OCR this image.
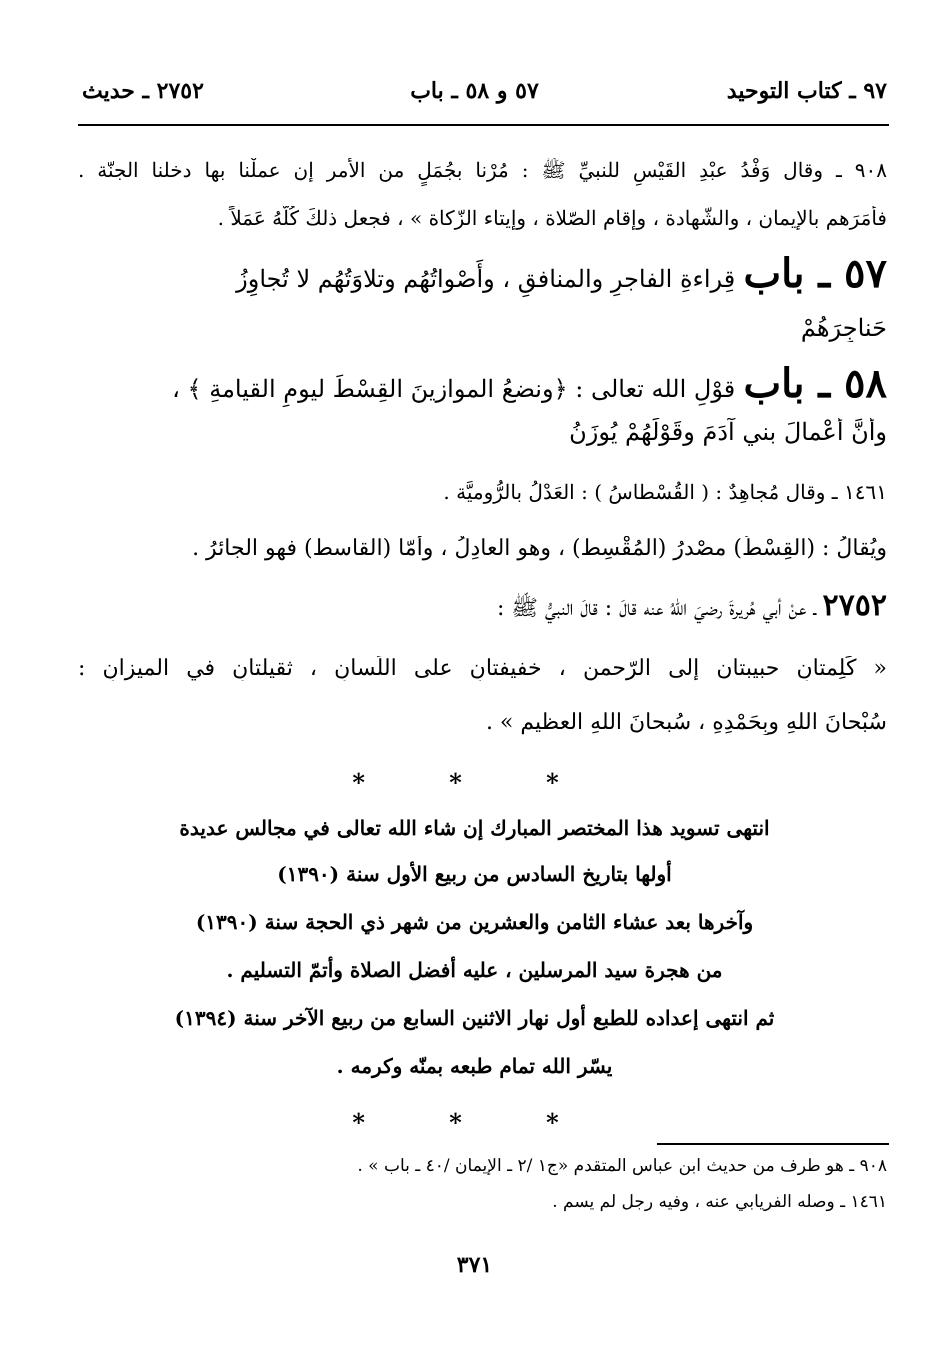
٩٧ ـ كتاب التوحيد
٥٧ و ٥٨ ـ باب
٢٧٥٢ ـ حديث
٩٠٨ ـ وقال وَفْدُ عبْدِ القَيْسِ للنبيِّ ﷺ : مُرْنا بجُمَلٍ من الأمر إن عملْنا بها دخلنا الجنّة .
فأمَرَهم بالإيمان ، والشّهادة ، وإقام الصّلاة ، وإيتاء الزّكاة » ، فجعل ذلكَ كُلّهُ عَمَلاً .
٥٧ ـ باب قِراءةِ الفاجرِ والمنافقِ ، وأَصْواتُهُم وتلاوَتُهُم لا تُجاوِزُ
حَناجِرَهُمْ
٥٨ ـ باب قوْلِ الله تعالى : ﴿ونضعُ الموازينَ القِسْطَ ليومِ القيامةِ ﴾ ،
وأنَّ أعْمالَ بني آدَمَ وقَوْلَهُمْ يُوزَنُ
١٤٦١ ـ وقال مُجاهِدٌ : ( القُسْطاسُ ) : العَدْلُ بالرُّوميَّة .
ويُقالُ : (القِسْطُ) مصْدرُ (المُقْسِط) ، وهو العادِلُ ، وأمّا (القاسط) فهو الجائرُ .
٢٧٥٢ ـ عنْ أبي هُريرةَ رضيَ اللهُ عنه قالَ : قالَ النبيُّ ﷺ :
« كَلِمتانِ حبيبتان إلى الرّحمنِ ، خفيفتانِ على اللِّسانِ ، ثقيلتانِ في الميزانِ :
سُبْحانَ اللهِ وبِحَمْدِهِ ، سُبحانَ اللهِ العظيمِ » .
* * *
انتهى تسويد هذا المختصر المبارك إن شاء الله تعالى في مجالس عديدة
أولها بتاريخ السادس من ربيع الأول سنة (١٣٩٠)
وآخرها بعد عشاء الثامن والعشرين من شهر ذي الحجة سنة (١٣٩٠)
من هجرة سيد المرسلين ، عليه أفضل الصلاة وأتمّ التسليم .
ثم انتهى إعداده للطبع أول نهار الاثنين السابع من ربيع الآخر سنة (١٣٩٤)
يسّر الله تمام طبعه بمنّه وكرمه .
* * *
٩٠٨ ـ هو طرف من حديث ابن عباس المتقدم «ج١ /٢ ـ الإيمان /٤٠ ـ باب » .
١٤٦١ ـ وصله الفريابي عنه ، وفيه رجل لم يسم .
٣٧١
